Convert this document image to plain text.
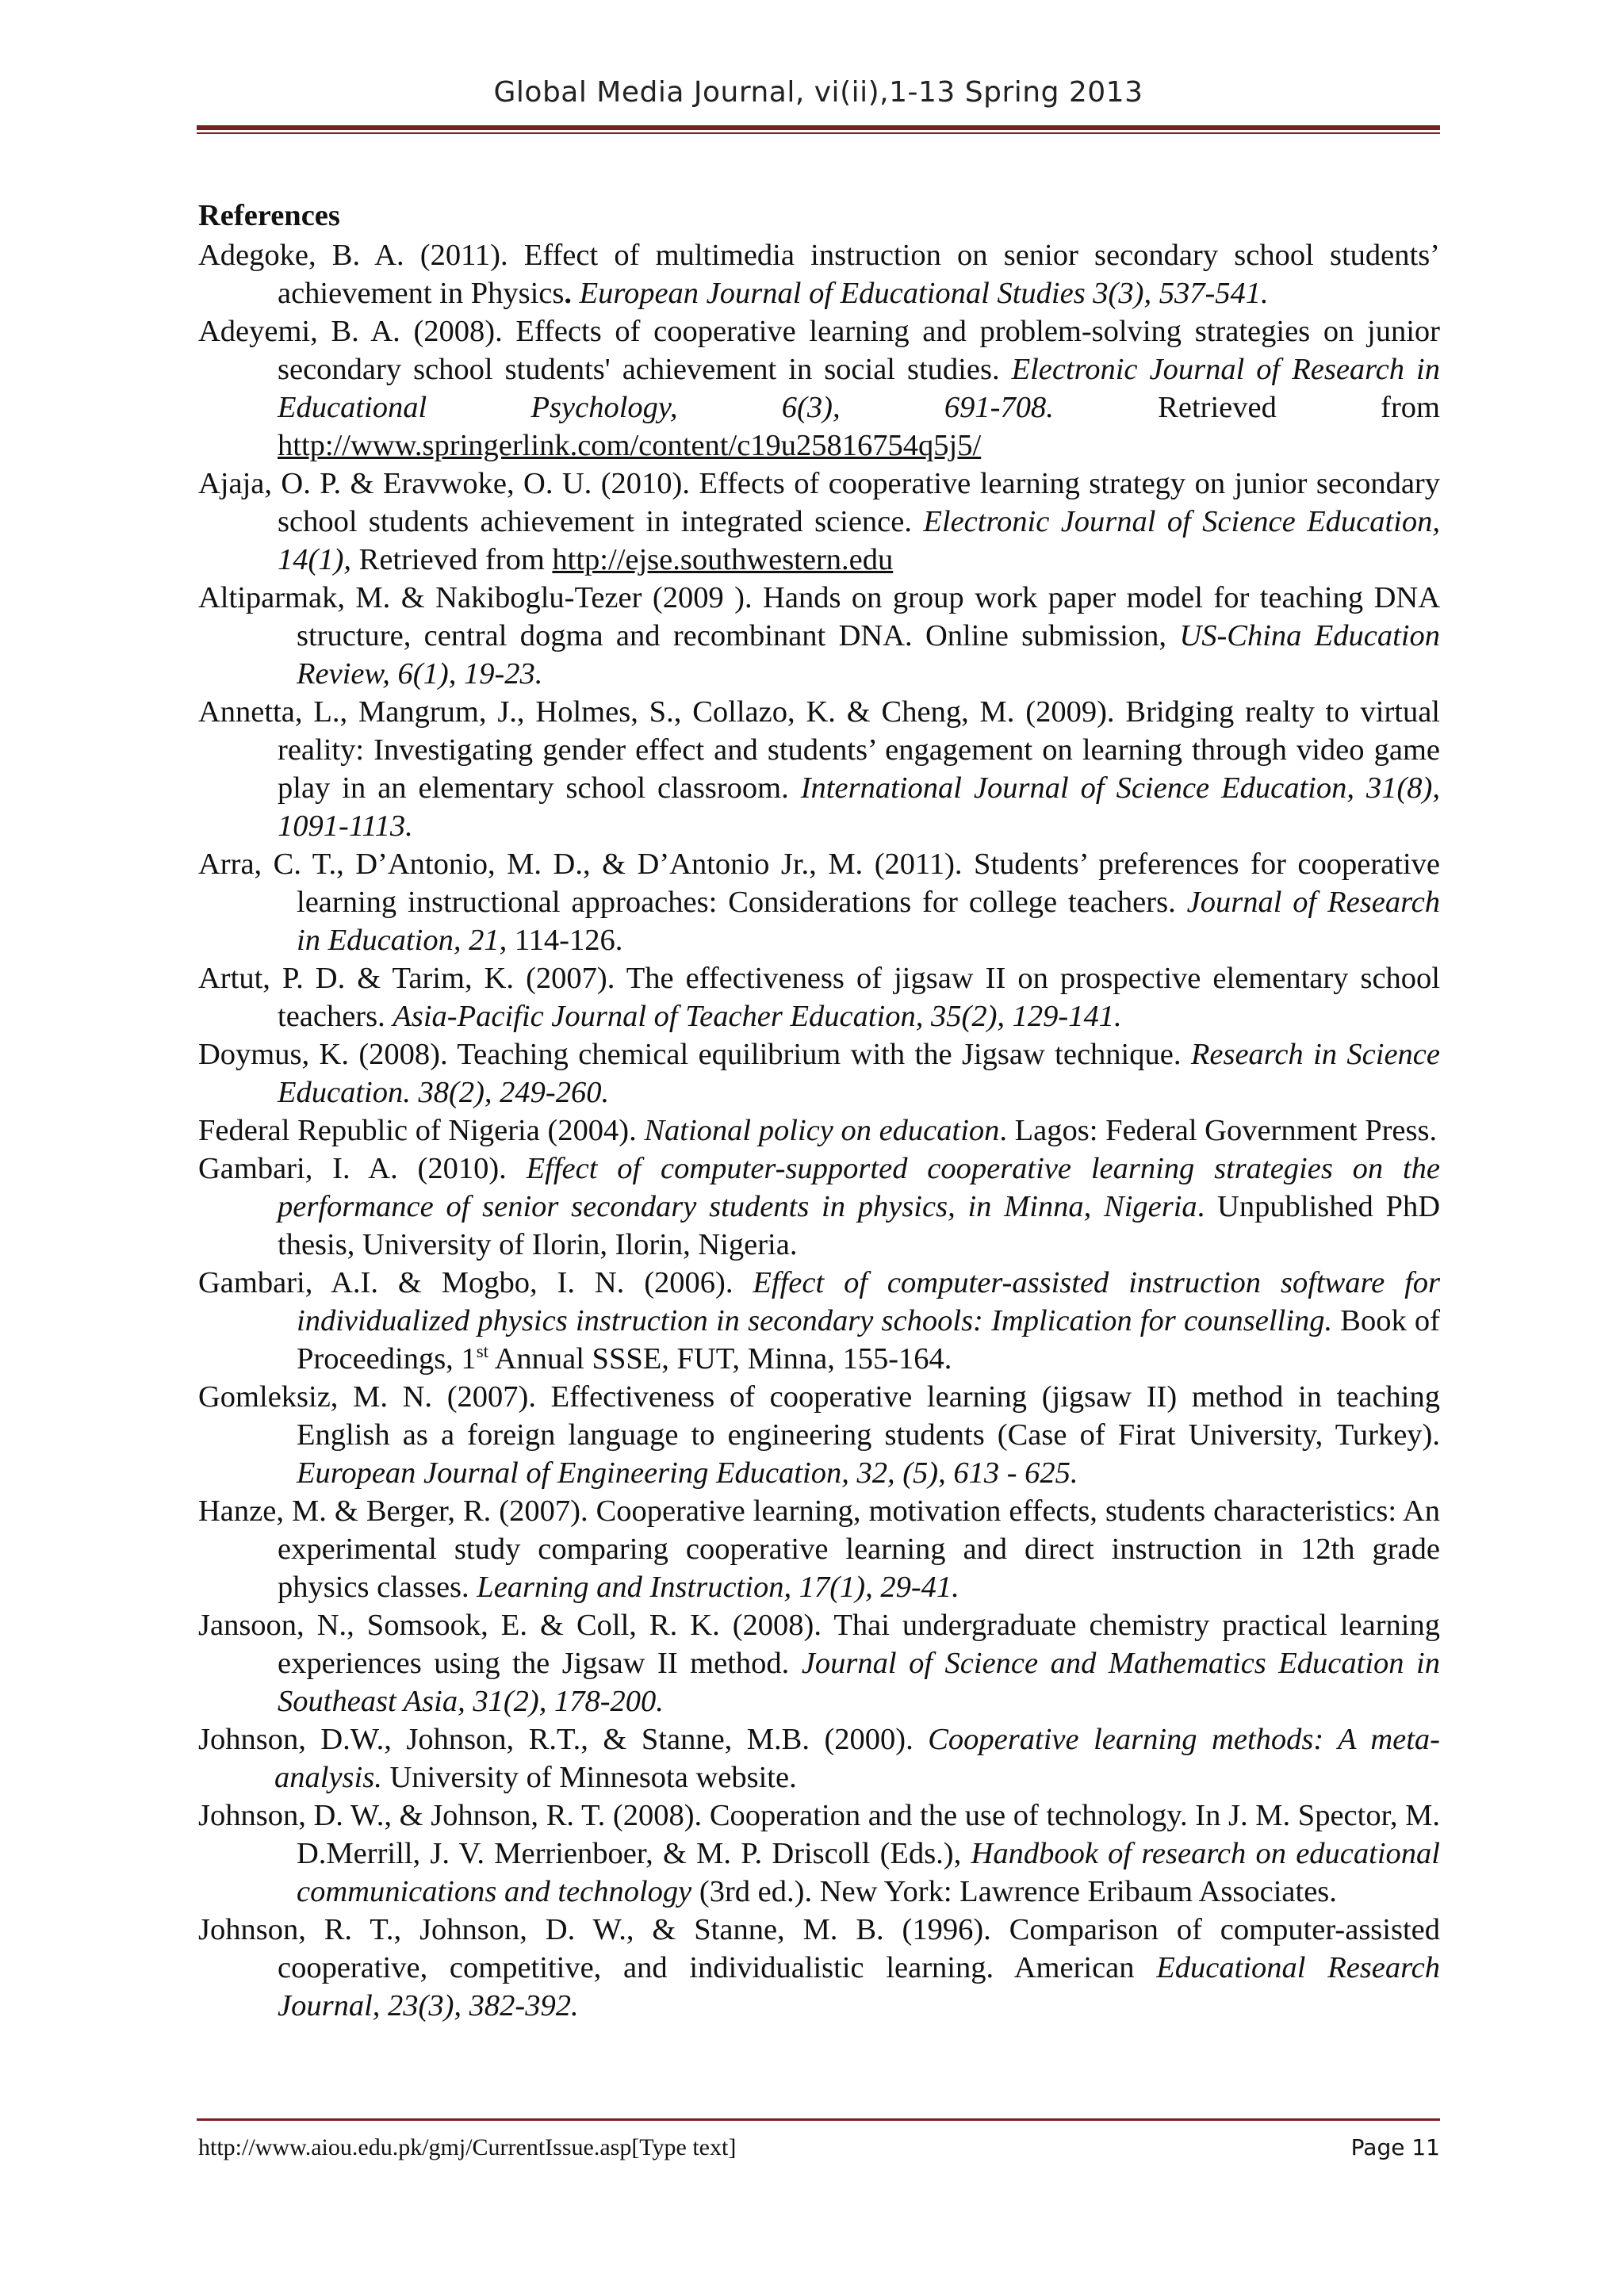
Global Media Journal, vi(ii),1-13 Spring 2013
References

Adegoke, B. A. (2011). Effect of multimedia instruction on senior secondary school students’ achievement in Physics. European Journal of Educational Studies 3(3), 537-541.

Adeyemi, B. A. (2008). Effects of cooperative learning and problem-solving strategies on junior secondary school students' achievement in social studies. Electronic Journal of Research in Educational Psychology, 6(3), 691-708. Retrieved from http://www.springerlink.com/content/c19u25816754q5j5/

Ajaja, O. P. & Eravwoke, O. U. (2010). Effects of cooperative learning strategy on junior secondary school students achievement in integrated science. Electronic Journal of Science Education, 14(1), Retrieved from http://ejse.southwestern.edu

Altiparmak, M. & Nakiboglu-Tezer (2009 ). Hands on group work paper model for teaching DNA structure, central dogma and recombinant DNA. Online submission, US-China Education Review, 6(1), 19-23.

Annetta, L., Mangrum, J., Holmes, S., Collazo, K. & Cheng, M. (2009). Bridging realty to virtual reality: Investigating gender effect and students’ engagement on learning through video game play in an elementary school classroom. International Journal of Science Education, 31(8), 1091-1113.

Arra, C. T., D’Antonio, M. D., & D’Antonio Jr., M. (2011). Students’ preferences for cooperative learning instructional approaches: Considerations for college teachers. Journal of Research in Education, 21, 114-126.

Artut, P. D. & Tarim, K. (2007). The effectiveness of jigsaw II on prospective elementary school teachers. Asia-Pacific Journal of Teacher Education, 35(2), 129-141.

Doymus, K. (2008). Teaching chemical equilibrium with the Jigsaw technique. Research in Science Education. 38(2), 249-260.

Federal Republic of Nigeria (2004). National policy on education. Lagos: Federal Government Press.

Gambari, I. A. (2010). Effect of computer-supported cooperative learning strategies on the performance of senior secondary students in physics, in Minna, Nigeria. Unpublished PhD thesis, University of Ilorin, Ilorin, Nigeria.

Gambari, A.I. & Mogbo, I. N. (2006). Effect of computer-assisted instruction software for individualized physics instruction in secondary schools: Implication for counselling. Book of Proceedings, 1st Annual SSSE, FUT, Minna, 155-164.

Gomleksiz, M. N. (2007). Effectiveness of cooperative learning (jigsaw II) method in teaching English as a foreign language to engineering students (Case of Firat University, Turkey). European Journal of Engineering Education, 32, (5), 613 - 625.

Hanze, M. & Berger, R. (2007). Cooperative learning, motivation effects, students characteristics: An experimental study comparing cooperative learning and direct instruction in 12th grade physics classes. Learning and Instruction, 17(1), 29-41.

Jansoon, N., Somsook, E. & Coll, R. K. (2008). Thai undergraduate chemistry practical learning experiences using the Jigsaw II method. Journal of Science and Mathematics Education in Southeast Asia, 31(2), 178-200.

Johnson, D.W., Johnson, R.T., & Stanne, M.B. (2000). Cooperative learning methods: A meta-analysis. University of Minnesota website.

Johnson, D. W., & Johnson, R. T. (2008). Cooperation and the use of technology. In J. M. Spector, M. D.Merrill, J. V. Merrienboer, & M. P. Driscoll (Eds.), Handbook of research on educational communications and technology (3rd ed.). New York: Lawrence Eribaum Associates.

Johnson, R. T., Johnson, D. W., & Stanne, M. B. (1996). Comparison of computer-assisted cooperative, competitive, and individualistic learning. American Educational Research Journal, 23(3), 382-392.

http://www.aiou.edu.pk/gmj/CurrentIssue.asp[Type text]	Page 11
